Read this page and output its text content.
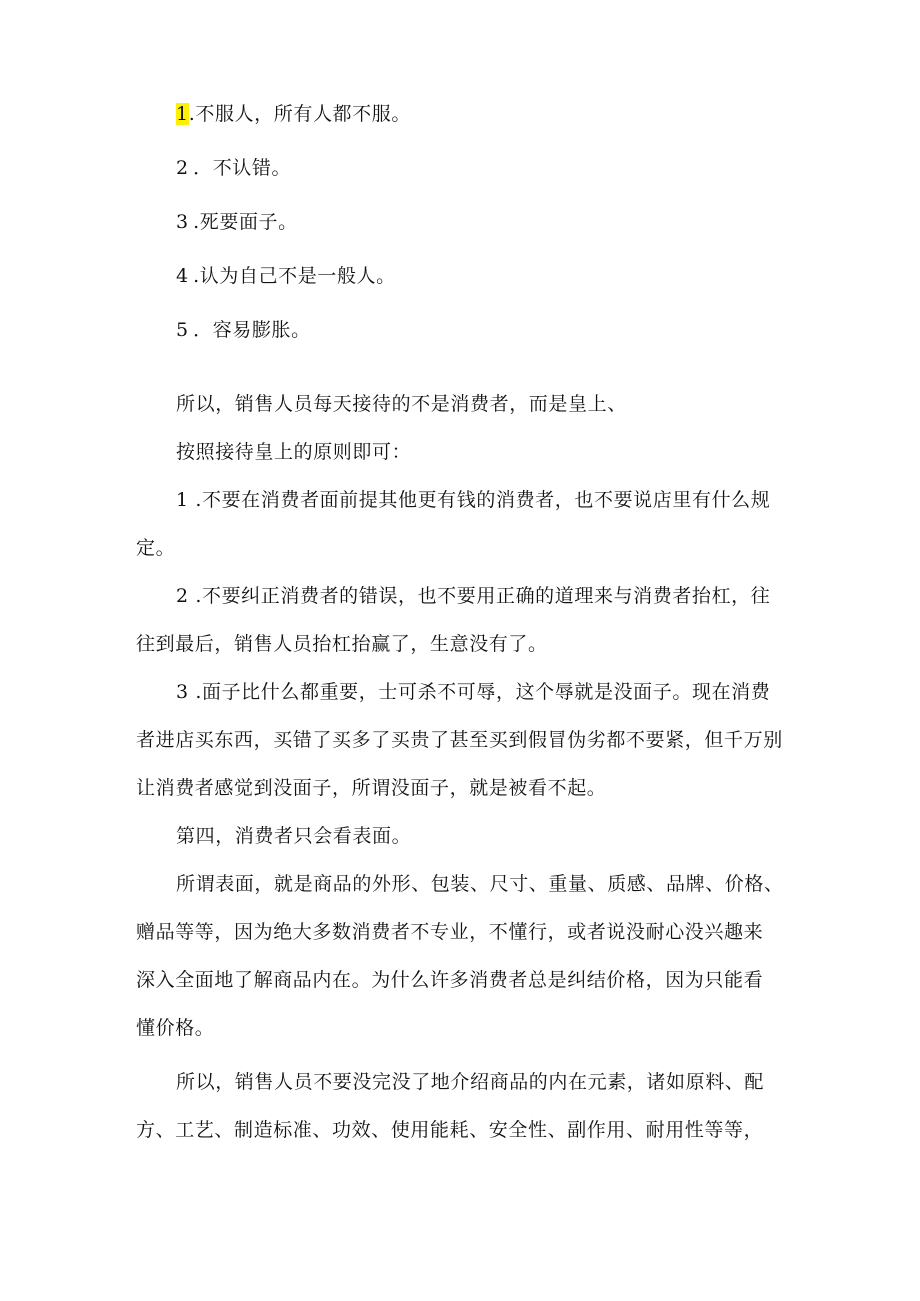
1.不服人，所有人都不服。
2  ．不认错。
3  .死要面子。
4  .认为自己不是一般人。
5  ．容易膨胀。
所以，销售人员每天接待的不是消费者，而是皇上、
按照接待皇上的原则即可：
1 .不要在消费者面前提其他更有钱的消费者，也不要说店里有什么规
定。
2 .不要纠正消费者的错误，也不要用正确的道理来与消费者抬杠，往
往到最后，销售人员抬杠抬赢了，生意没有了。
3 .面子比什么都重要，士可杀不可辱，这个辱就是没面子。现在消费
者进店买东西，买错了买多了买贵了甚至买到假冒伪劣都不要紧，但千万别
让消费者感觉到没面子，所谓没面子，就是被看不起。
第四，消费者只会看表面。
所谓表面，就是商品的外形、包装、尺寸、重量、质感、品牌、价格、
赠品等等，因为绝大多数消费者不专业，不懂行，或者说没耐心没兴趣来
深入全面地了解商品内在。为什么许多消费者总是纠结价格，因为只能看
懂价格。
所以，销售人员不要没完没了地介绍商品的内在元素，诸如原料、配
方、工艺、制造标准、功效、使用能耗、安全性、副作用、耐用性等等，
